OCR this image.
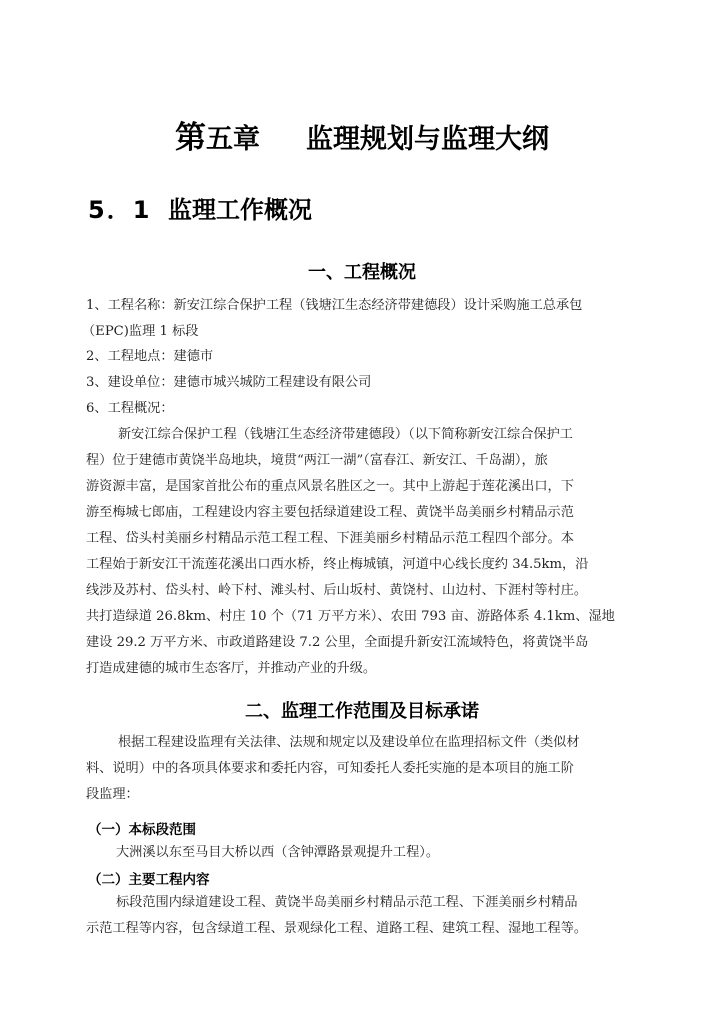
第五章 监理规划与监理大纲
5．1 监理工作概况
一、工程概况
1、工程名称：新安江综合保护工程（钱塘江生态经济带建德段）设计采购施工总承包
（EPC)监理 1 标段
2、工程地点：建德市
3、建设单位：建德市城兴城防工程建设有限公司
6、工程概况：
新安江综合保护工程（钱塘江生态经济带建德段）（以下简称新安江综合保护工
程）位于建德市黄饶半岛地块，境贯“两江一湖”（富春江、新安江、千岛湖），旅
游资源丰富，是国家首批公布的重点风景名胜区之一。其中上游起于莲花溪出口，下
游至梅城七郎庙，工程建设内容主要包括绿道建设工程、黄饶半岛美丽乡村精品示范
工程、岱头村美丽乡村精品示范工程工程、下涯美丽乡村精品示范工程四个部分。本
工程始于新安江干流莲花溪出口西水桥，终止梅城镇，河道中心线长度约 34.5km，沿
线涉及苏村、岱头村、岭下村、滩头村、后山坂村、黄饶村、山边村、下涯村等村庄。
共打造绿道 26.8km、村庄 10 个（71 万平方米）、农田 793 亩、游路体系 4.1km、湿地
建设 29.2 万平方米、市政道路建设 7.2 公里，全面提升新安江流域特色，将黄饶半岛
打造成建德的城市生态客厅，并推动产业的升级。
二、监理工作范围及目标承诺
根据工程建设监理有关法律、法规和规定以及建设单位在监理招标文件（类似材
料、说明）中的各项具体要求和委托内容，可知委托人委托实施的是本项目的施工阶
段监理：
（一）本标段范围
大洲溪以东至马目大桥以西（含钟潭路景观提升工程）。
（二）主要工程内容
标段范围内绿道建设工程、黄饶半岛美丽乡村精品示范工程、下涯美丽乡村精品
示范工程等内容，包含绿道工程、景观绿化工程、道路工程、建筑工程、湿地工程等。
